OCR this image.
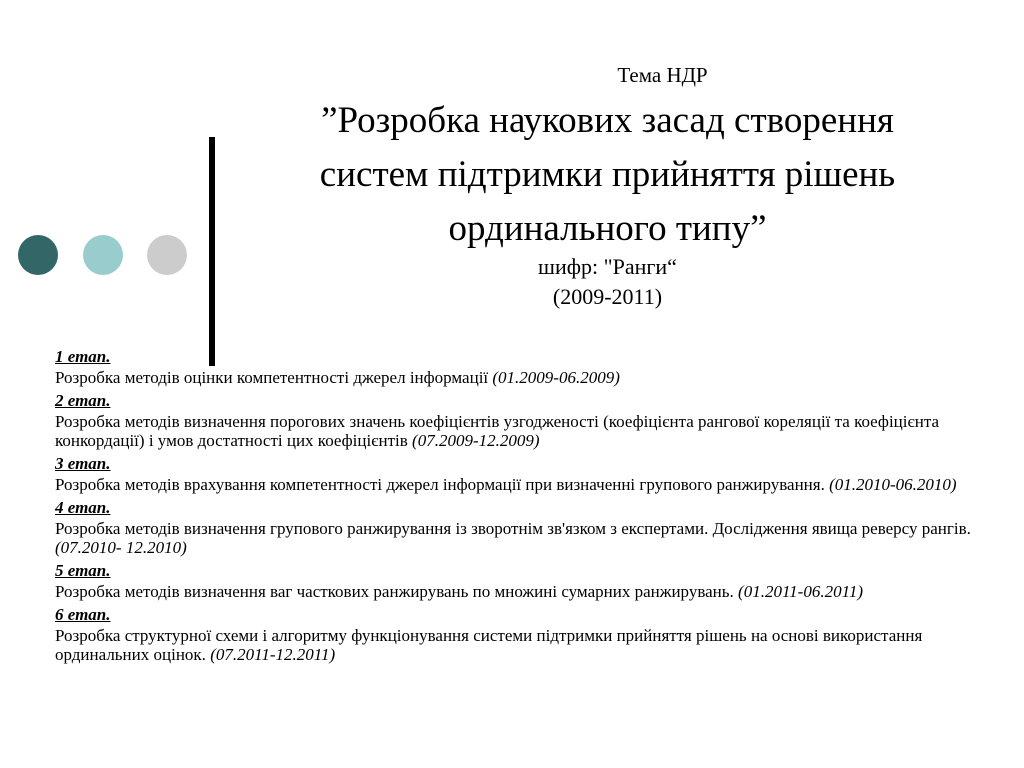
Тема НДР
”Розробка наукових засад створення
систем підтримки прийняття рішень
ординального типу”
шифр: "Ранги“
(2009-2011)
1 етап.
Розробка методів оцінки компетентності джерел інформації (01.2009-06.2009)
2 етап.
Розробка методів визначення порогових значень коефіцієнтів узгодженості (коефіцієнта рангової кореляції та коефіцієнта конкордації) і умов достатності цих коефіцієнтів (07.2009-12.2009)
3 етап.
Розробка методів врахування компетентності джерел інформації при визначенні групового ранжирування. (01.2010-06.2010)
4 етап.
Розробка методів визначення групового ранжирування із зворотнім зв'язком з експертами. Дослідження явища реверсу рангів. (07.2010- 12.2010)
5 етап.
Розробка методів визначення ваг часткових ранжирувань по множині сумарних ранжирувань. (01.2011-06.2011)
6 етап.
Розробка структурної схеми і алгоритму функціонування системи підтримки прийняття рішень на основі використання ординальних оцінок. (07.2011-12.2011)
